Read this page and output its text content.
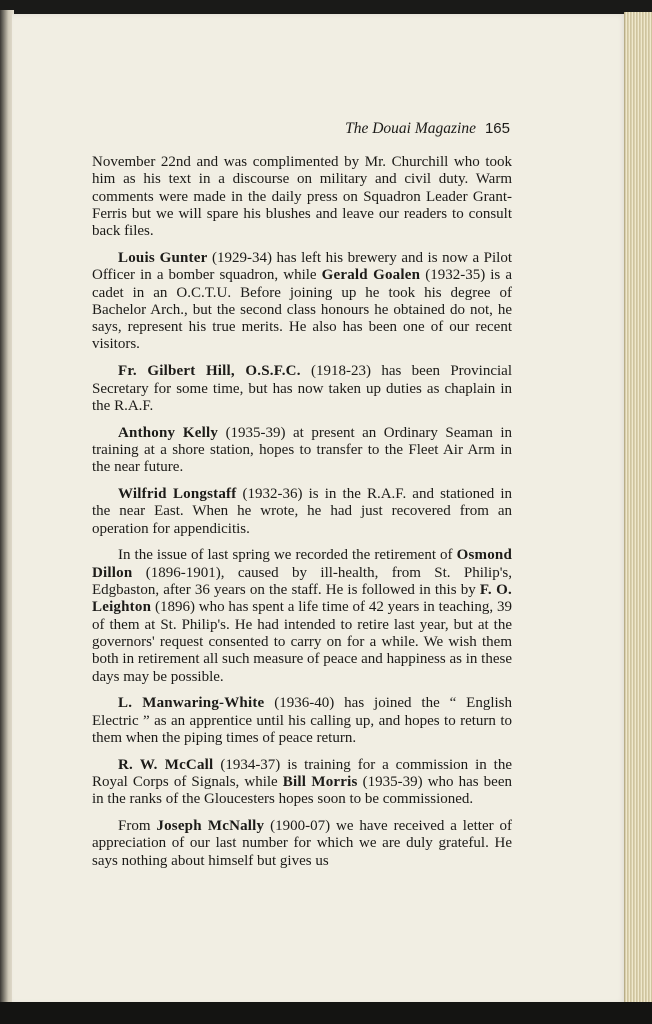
The Douai Magazine 165

November 22nd and was complimented by Mr. Churchill who took him as his text in a discourse on military and civil duty. Warm comments were made in the daily press on Squadron Leader Grant-Ferris but we will spare his blushes and leave our readers to consult back files.

Louis Gunter (1929-34) has left his brewery and is now a Pilot Officer in a bomber squadron, while Gerald Goalen (1932-35) is a cadet in an O.C.T.U. Before joining up he took his degree of Bachelor Arch., but the second class honours he obtained do not, he says, represent his true merits. He also has been one of our recent visitors.

Fr. Gilbert Hill, O.S.F.C. (1918-23) has been Provincial Secretary for some time, but has now taken up duties as chaplain in the R.A.F.

Anthony Kelly (1935-39) at present an Ordinary Seaman in training at a shore station, hopes to transfer to the Fleet Air Arm in the near future.

Wilfrid Longstaff (1932-36) is in the R.A.F. and stationed in the near East. When he wrote, he had just recovered from an operation for appendicitis.

In the issue of last spring we recorded the retirement of Osmond Dillon (1896-1901), caused by ill-health, from St. Philip's, Edgbaston, after 36 years on the staff. He is followed in this by F. O. Leighton (1896) who has spent a life time of 42 years in teaching, 39 of them at St. Philip's. He had intended to retire last year, but at the governors' request consented to carry on for a while. We wish them both in retirement all such measure of peace and happiness as in these days may be possible.

L. Manwaring-White (1936-40) has joined the “ English Electric ” as an apprentice until his calling up, and hopes to return to them when the piping times of peace return.

R. W. McCall (1934-37) is training for a commission in the Royal Corps of Signals, while Bill Morris (1935-39) who has been in the ranks of the Gloucesters hopes soon to be commissioned.

From Joseph McNally (1900-07) we have received a letter of appreciation of our last number for which we are duly grateful. He says nothing about himself but gives us
